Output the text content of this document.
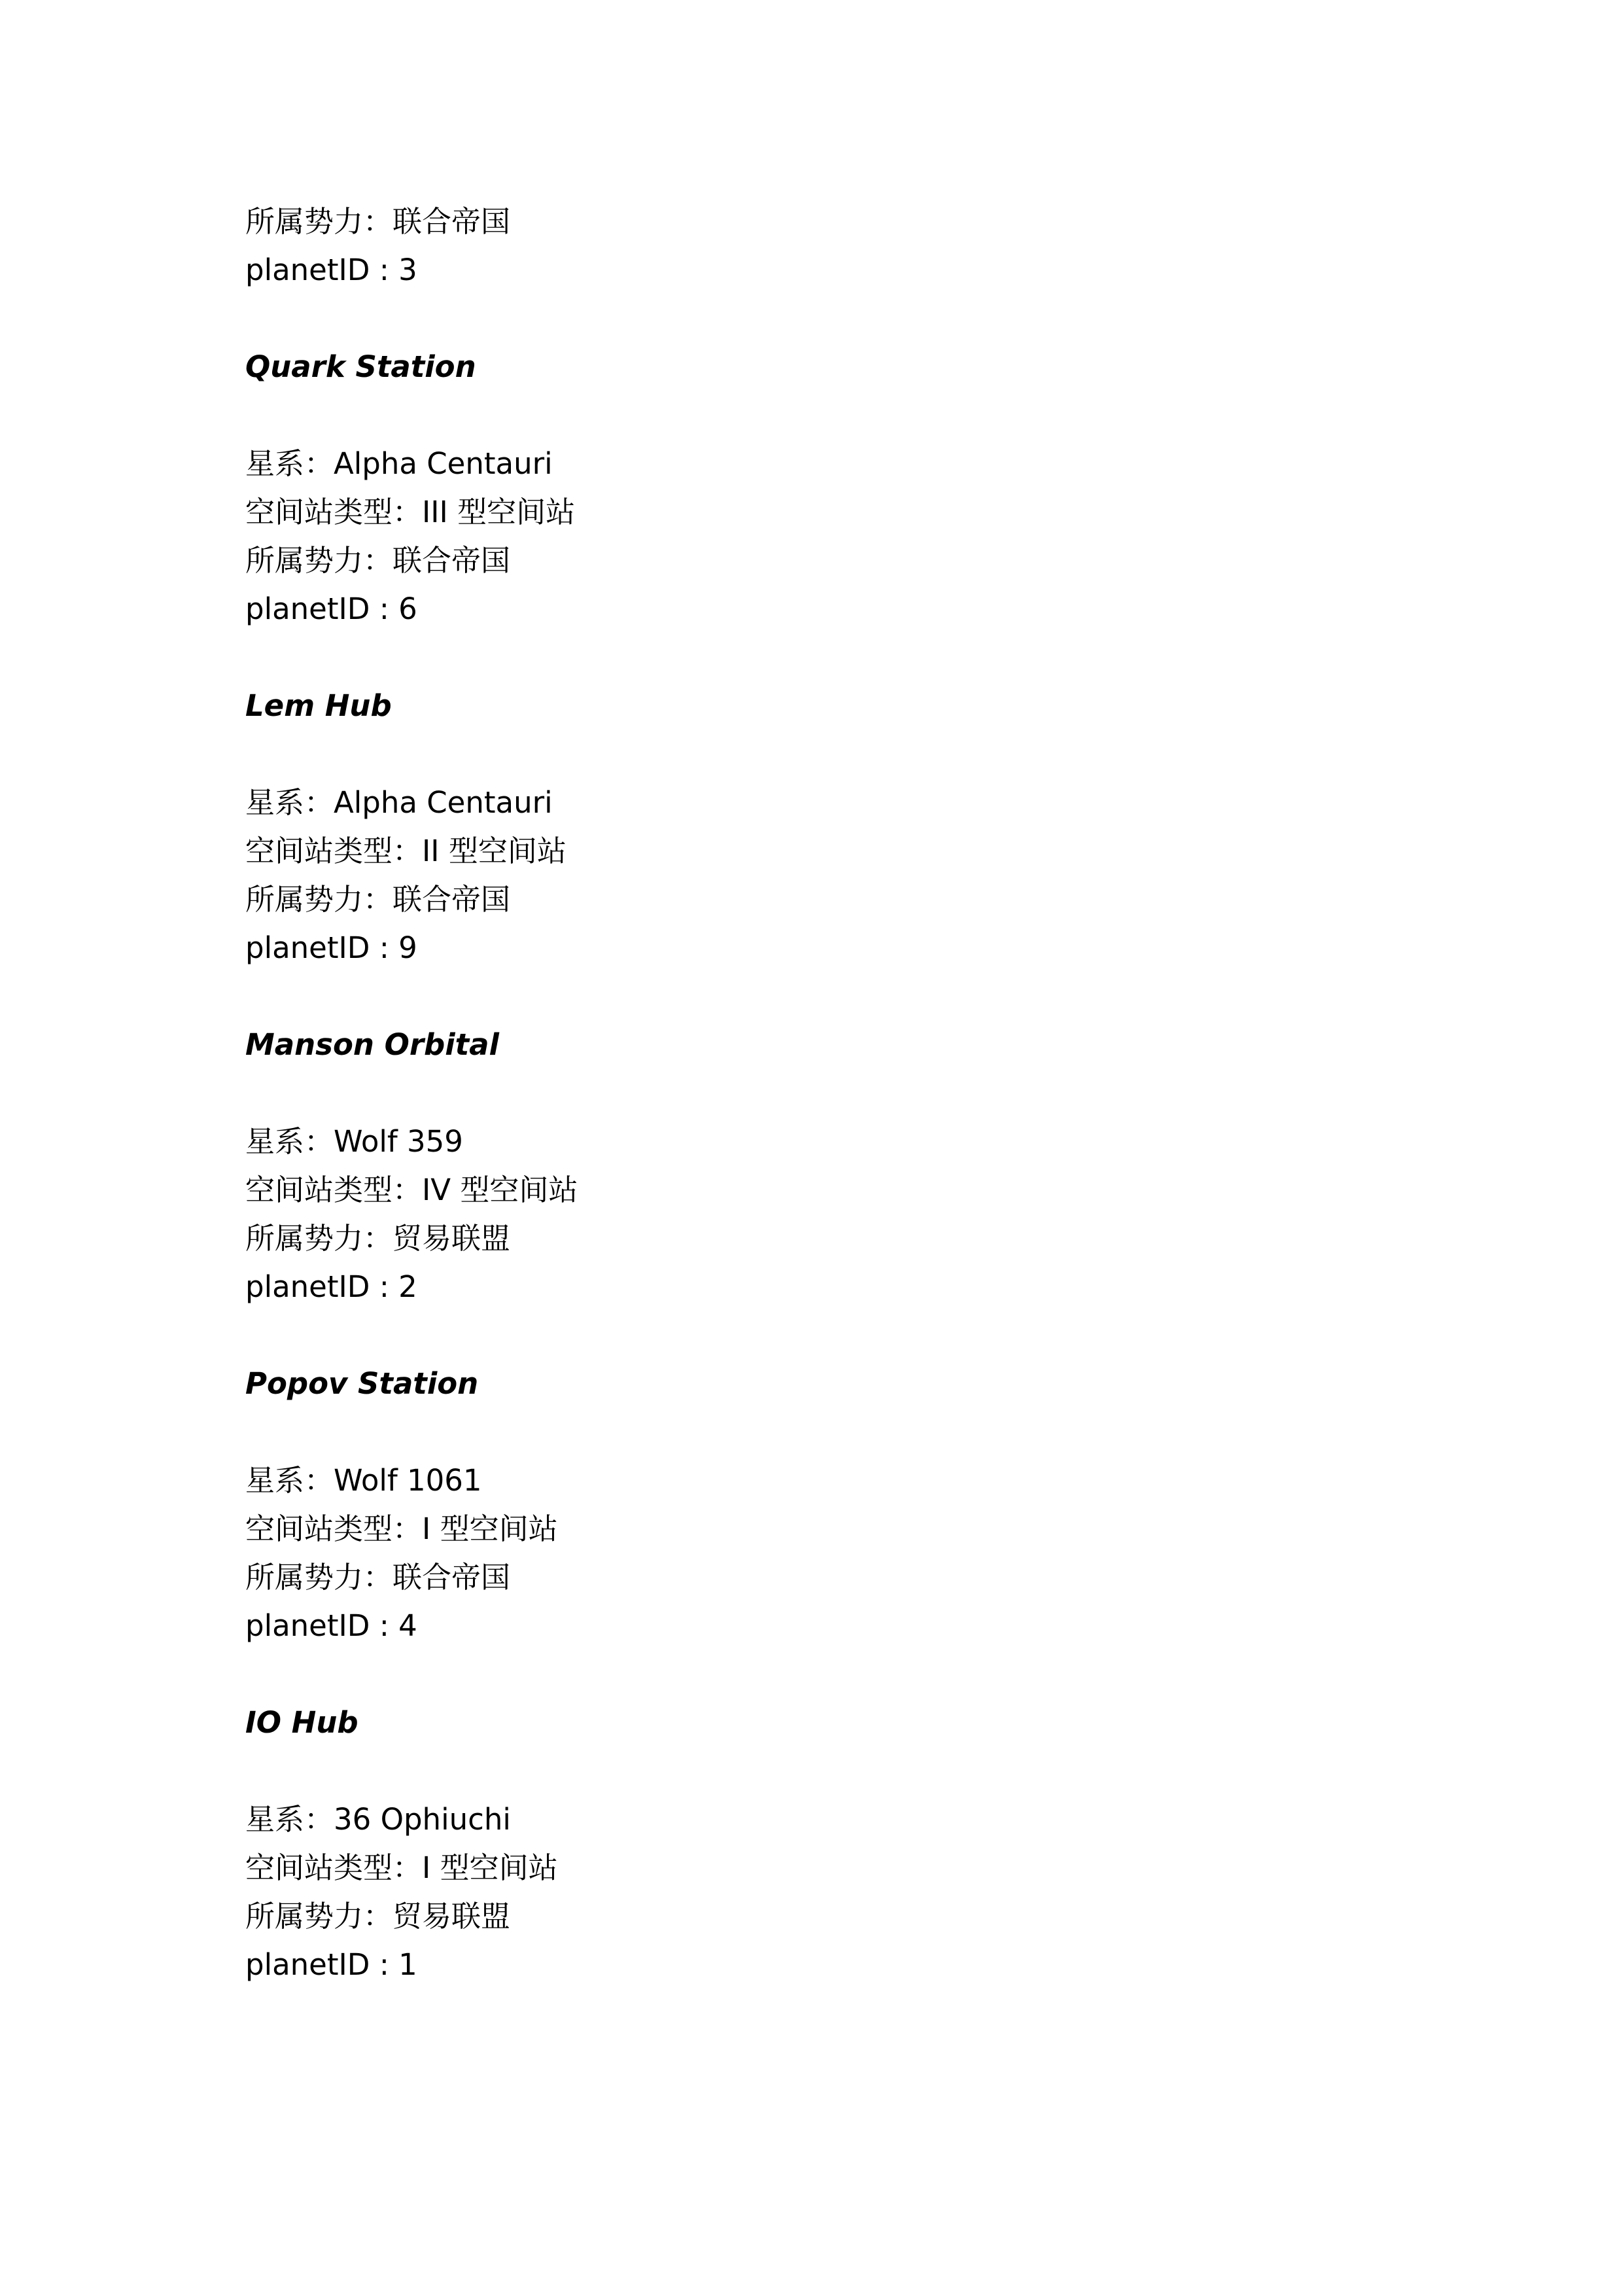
所属势力：联合帝国
planetID : 3
Quark Station
星系：Alpha Centauri
空间站类型：III 型空间站
所属势力：联合帝国
planetID : 6
Lem Hub
星系：Alpha Centauri
空间站类型：II 型空间站
所属势力：联合帝国
planetID : 9
Manson Orbital
星系：Wolf 359
空间站类型：IV 型空间站
所属势力：贸易联盟
planetID : 2
Popov Station
星系：Wolf 1061
空间站类型：I 型空间站
所属势力：联合帝国
planetID : 4
IO Hub
星系：36 Ophiuchi
空间站类型：I 型空间站
所属势力：贸易联盟
planetID : 1
